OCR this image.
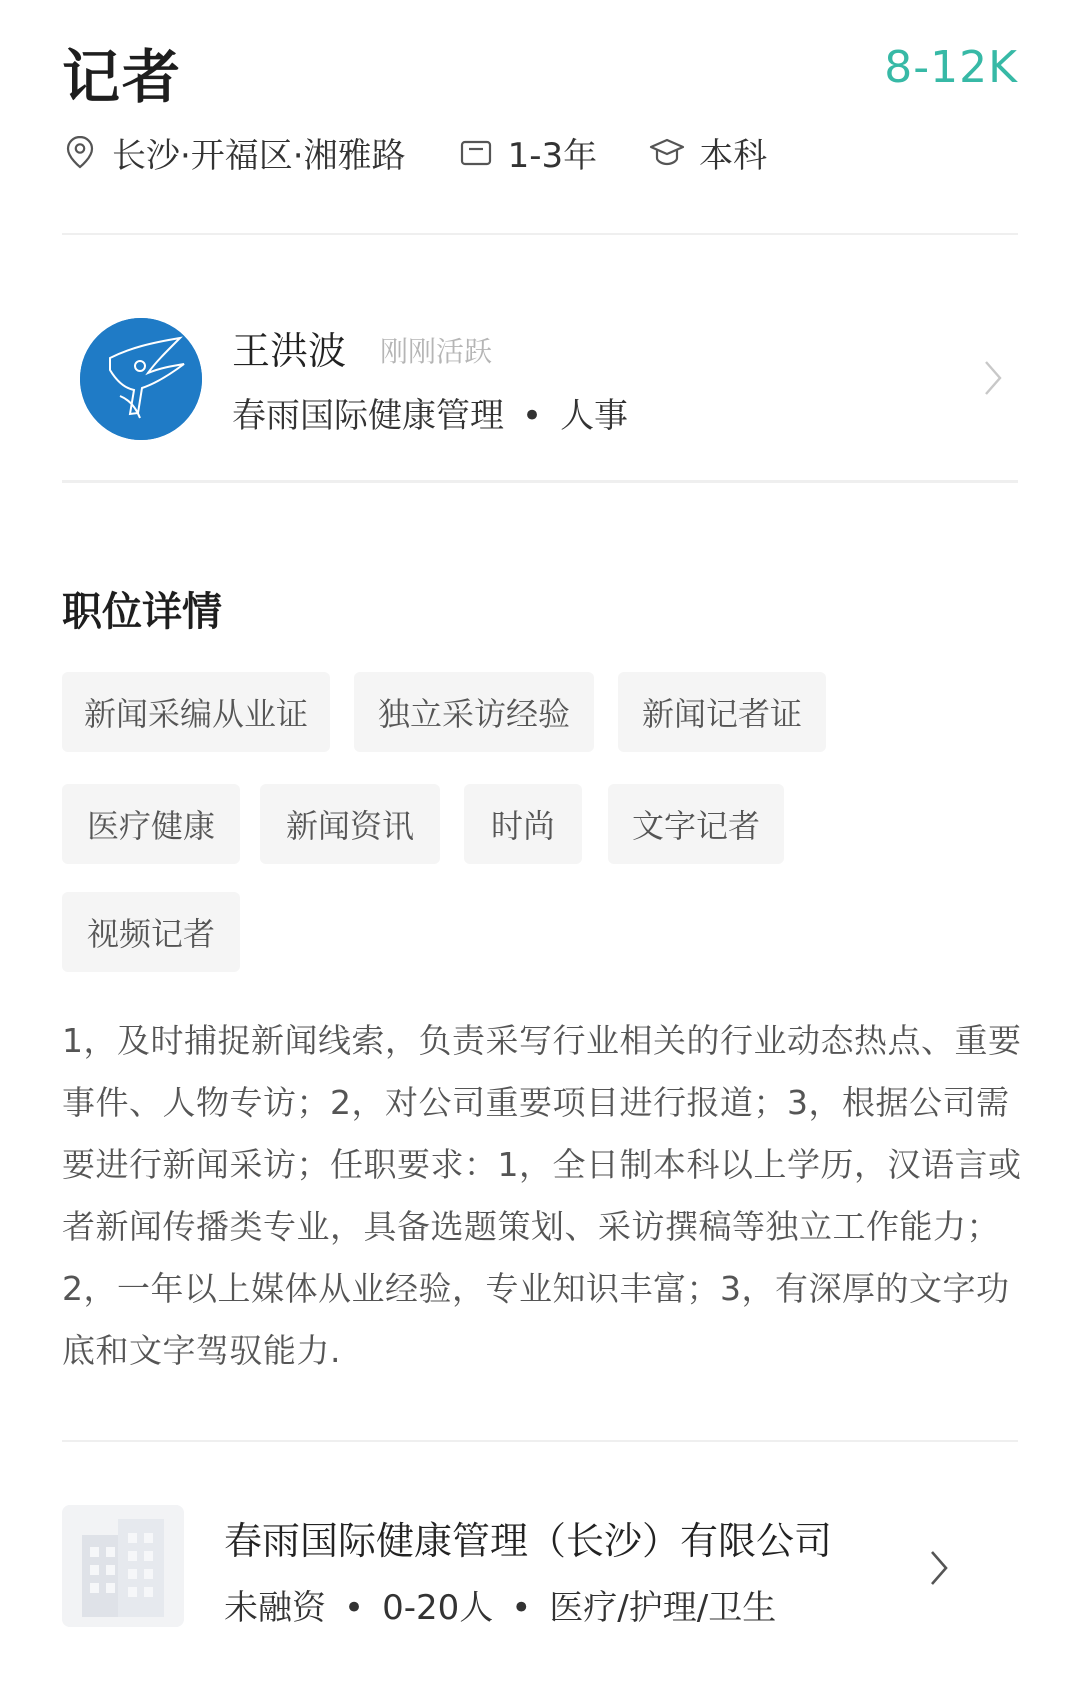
记者	8-12K
长沙·开福区·湘雅路	1-3年	本科
王洪波 刚刚活跃
春雨国际健康管理 • 人事
职位详情
新闻采编从业证	独立采访经验	新闻记者证
医疗健康	新闻资讯	时尚	文字记者
视频记者
1，及时捕捉新闻线索，负责采写行业相关的行业动态热点、重要事件、人物专访；2，对公司重要项目进行报道；3，根据公司需要进行新闻采访；任职要求：1，全日制本科以上学历，汉语言或者新闻传播类专业，具备选题策划、采访撰稿等独立工作能力；2，一年以上媒体从业经验，专业知识丰富；3，有深厚的文字功底和文字驾驭能力.
春雨国际健康管理（长沙）有限公司
未融资 • 0-20人 • 医疗/护理/卫生
